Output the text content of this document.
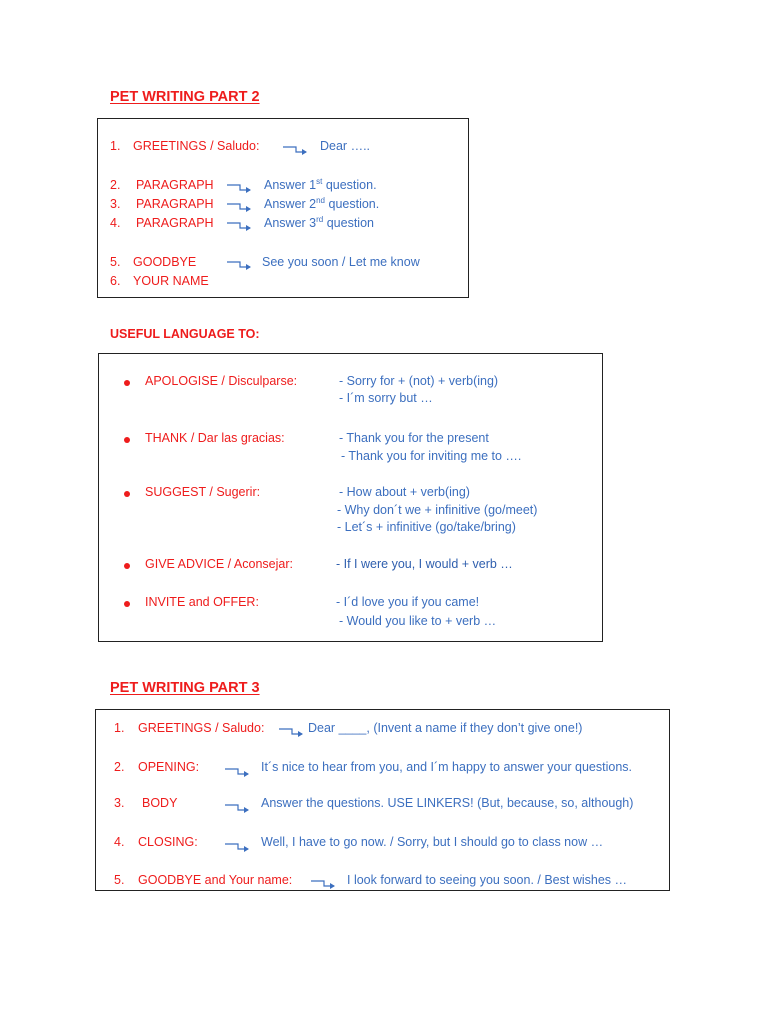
PET WRITING PART 2
1. GREETINGS / Saludo:	Dear …..
2. PARAGRAPH	Answer 1st question.
3. PARAGRAPH	Answer 2nd question.
4. PARAGRAPH	Answer 3rd question
5. GOODBYE	See you soon / Let me know
6. YOUR NAME
USEFUL LANGUAGE TO:
APOLOGISE / Disculparse:	- Sorry for + (not) + verb(ing)
- I´m sorry but …
THANK / Dar las gracias:	- Thank you for the present
- Thank you for inviting me to ….
SUGGEST / Sugerir:	- How about + verb(ing)
- Why don´t we + infinitive (go/meet)
- Let´s + infinitive (go/take/bring)
GIVE ADVICE / Aconsejar:	- If I were you, I would + verb …
INVITE and OFFER:	- I´d love you if you came!
- Would you like to + verb …
PET WRITING PART 3
1. GREETINGS / Saludo:	Dear ____, (Invent a name if they don’t give one!)
2. OPENING:	It´s nice to hear from you, and I´m happy to answer your questions.
3. BODY	Answer the questions. USE LINKERS! (But, because, so, although)
4. CLOSING:	Well, I have to go now. / Sorry, but I should go to class now …
5. GOODBYE and Your name:	I look forward to seeing you soon. / Best wishes …
